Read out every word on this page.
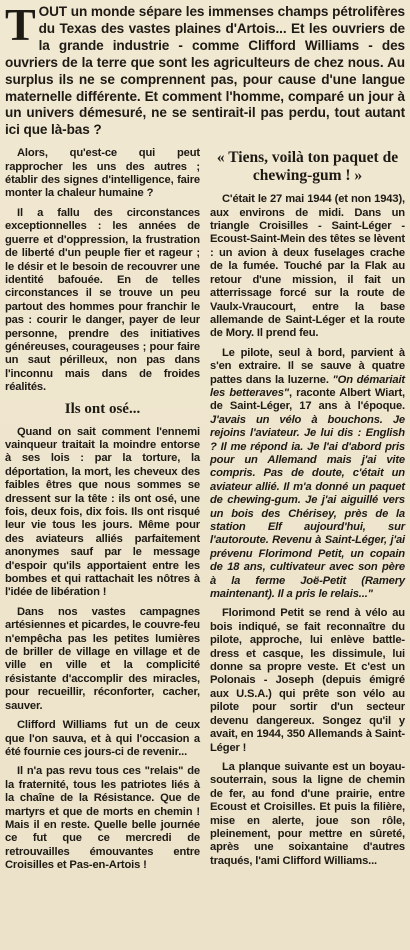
TOUT un monde sépare les immenses champs pétrolifères du Texas des vastes plaines d'Artois... Et les ouvriers de la grande industrie - comme Clifford Williams - des ouvriers de la terre que sont les agriculteurs de chez nous. Au surplus ils ne se comprennent pas, pour cause d'une langue maternelle différente. Et comment l'homme, comparé un jour à un univers démesuré, ne se sentirait-il pas perdu, tout autant ici que là-bas ?

Alors, qu'est-ce qui peut rapprocher les uns des autres ; établir des signes d'intelligence, faire monter la chaleur humaine ?

Il a fallu des circonstances exceptionnelles : les années de guerre et d'oppression, la frustration de liberté d'un peuple fier et rageur ; le désir et le besoin de recouvrer une identité bafouée. En de telles circonstances il se trouve un peu partout des hommes pour franchir le pas : courir le danger, payer de leur personne, prendre des initiatives généreuses, courageuses ; pour faire un saut périlleux, non pas dans l'inconnu mais dans de froides réalités.

Ils ont osé...

Quand on sait comment l'ennemi vainqueur traitait la moindre entorse à ses lois : par la torture, la déportation, la mort, les cheveux des faibles êtres que nous sommes se dressent sur la tête : ils ont osé, une fois, deux fois, dix fois. Ils ont risqué leur vie tous les jours. Même pour des aviateurs alliés parfaitement anonymes sauf par le message d'espoir qu'ils apportaient entre les bombes et qui rattachait les nôtres à l'idée de libération !

Dans nos vastes campagnes artésiennes et picardes, le couvre-feu n'empêcha pas les petites lumières de briller de village en village et de ville en ville et la complicité résistante d'accomplir des miracles, pour recueillir, réconforter, cacher, sauver.

Clifford Williams fut un de ceux que l'on sauva, et à qui l'occasion a été fournie ces jours-ci de revenir...

Il n'a pas revu tous ces "relais" de la fraternité, tous les patriotes liés à la chaîne de la Résistance. Que de martyrs et que de morts en chemin ! Mais il en reste. Quelle belle journée ce fut que ce mercredi de retrouvailles émouvantes entre Croisilles et Pas-en-Artois !

« Tiens, voilà ton paquet de chewing-gum ! »

C'était le 27 mai 1944 (et non 1943), aux environs de midi. Dans un triangle Croisilles - Saint-Léger - Ecoust-Saint-Mein des têtes se lèvent : un avion à deux fuselages crache de la fumée. Touché par la Flak au retour d'une mission, il fait un atterrissage forcé sur la route de Vaulx-Vraucourt, entre la base allemande de Saint-Léger et la route de Mory. Il prend feu.

Le pilote, seul à bord, parvient à s'en extraire. Il se sauve à quatre pattes dans la luzerne. "On démariait les betteraves", raconte Albert Wiart, de Saint-Léger, 17 ans à l'époque. J'avais un vélo à bouchons. Je rejoins l'aviateur. Je lui dis : English ? Il me répond ia. Je l'ai d'abord pris pour un Allemand mais j'ai vite compris. Pas de doute, c'était un aviateur allié. Il m'a donné un paquet de chewing-gum. Je j'ai aiguillé vers un bois des Chérisey, près de la station Elf aujourd'hui, sur l'autoroute. Revenu à Saint-Léger, j'ai prévenu Florimond Petit, un copain de 18 ans, cultivateur avec son père à la ferme Joë-Petit (Ramery maintenant). Il a pris le relais..."

Florimond Petit se rend à vélo au bois indiqué, se fait reconnaître du pilote, approche, lui enlève battle-dress et casque, les dissimule, lui donne sa propre veste. Et c'est un Polonais - Joseph (depuis émigré aux U.S.A.) qui prête son vélo au pilote pour sortir d'un secteur devenu dangereux. Songez qu'il y avait, en 1944, 350 Allemands à Saint-Léger !

La planque suivante est un boyau-souterrain, sous la ligne de chemin de fer, au fond d'une prairie, entre Ecoust et Croisilles. Et puis la filière, mise en alerte, joue son rôle, pleinement, pour mettre en sûreté, après une soixantaine d'autres traqués, l'ami Clifford Williams...
